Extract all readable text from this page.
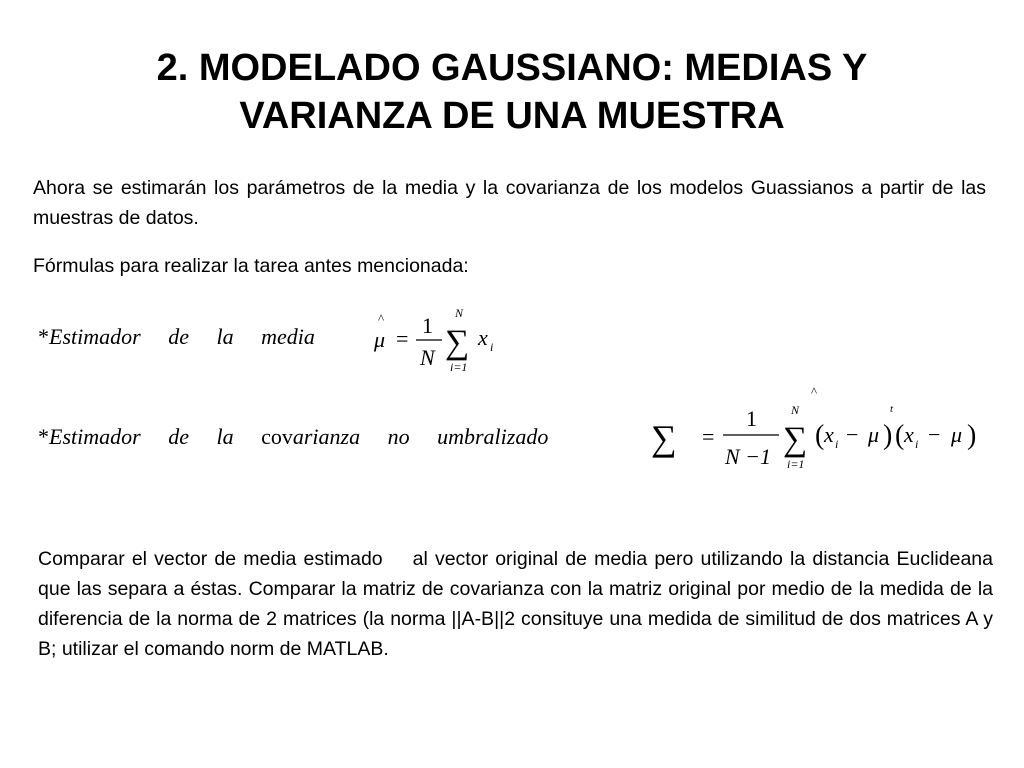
2. MODELADO GAUSSIANO: MEDIAS Y
VARIANZA DE UNA MUESTRA

Ahora se estimarán los parámetros de la media y la covarianza de los modelos Guassianos a partir de las muestras de datos.

Fórmulas para realizar la tarea antes mencionada:

*Estimador de la media
^
μ =
1
N ∑
N
i=1
x i
*Estimador de la covarianza no umbralizado	∑ =
1
N −1 ∑
N
i=1
^
t
( x i − μ ) ( x i − μ )

Comparar el vector de media estimado al vector original de media pero utilizando la distancia Euclideana que las separa a éstas. Comparar la matriz de covarianza con la matriz original por medio de la medida de la diferencia de la norma de 2 matrices (la norma ||A-B||2 consituye una medida de similitud de dos matrices A y B; utilizar el comando norm de MATLAB.
